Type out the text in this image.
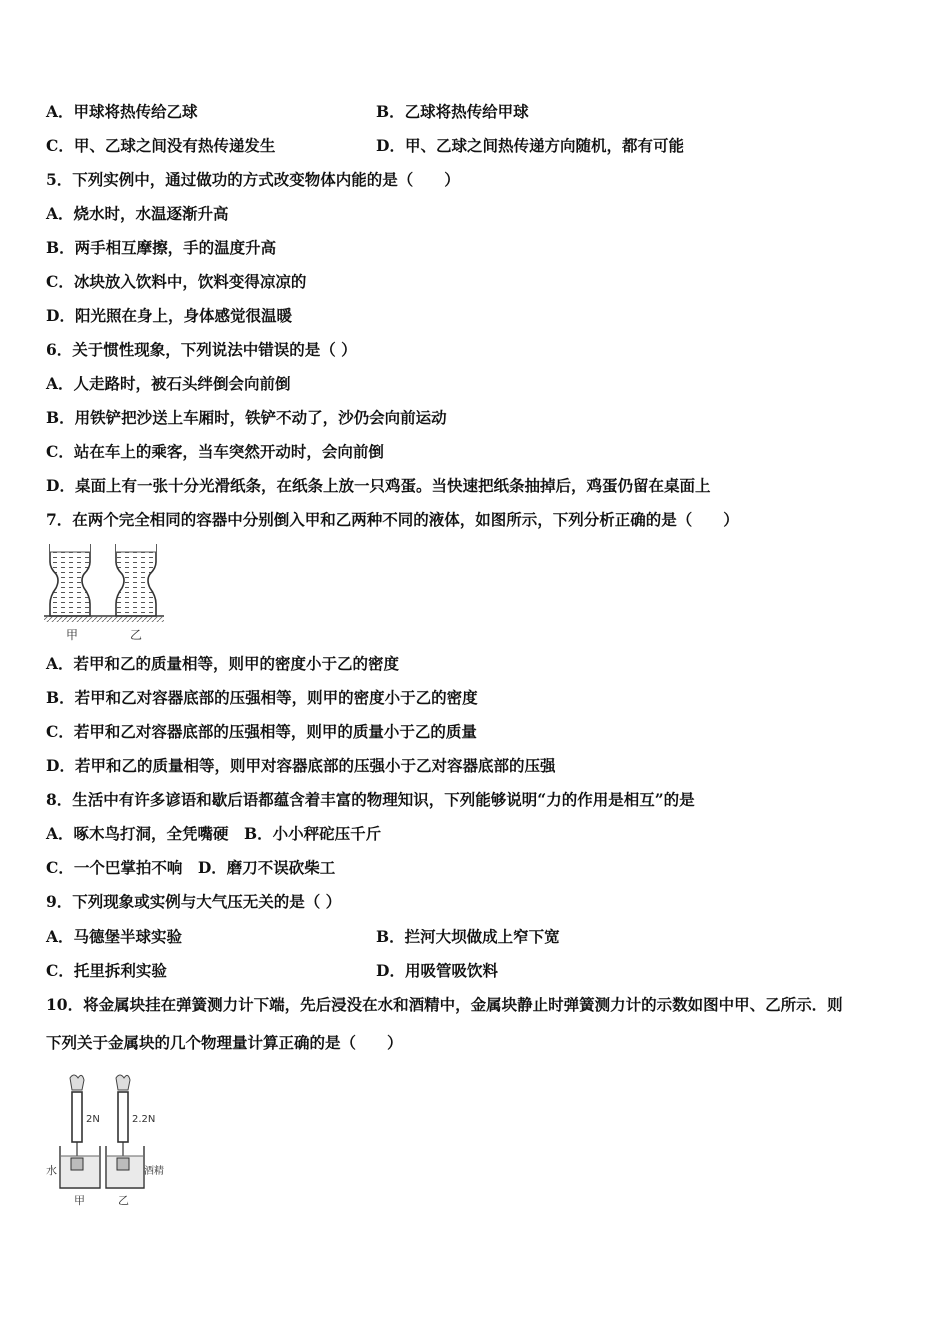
A．甲球将热传给乙球	B．乙球将热传给甲球
C．甲、乙球之间没有热传递发生	D．甲、乙球之间热传递方向随机，都有可能
5．下列实例中，通过做功的方式改变物体内能的是（　　）
A．烧水时，水温逐渐升高
B．两手相互摩擦，手的温度升高
C．冰块放入饮料中，饮料变得凉凉的
D．阳光照在身上，身体感觉很温暖
6．关于惯性现象，下列说法中错误的是（ ）
A．人走路时，被石头绊倒会向前倒
B．用铁铲把沙送上车厢时，铁铲不动了，沙仍会向前运动
C．站在车上的乘客，当车突然开动时，会向前倒
D．桌面上有一张十分光滑纸条，在纸条上放一只鸡蛋。当快速把纸条抽掉后，鸡蛋仍留在桌面上
7．在两个完全相同的容器中分别倒入甲和乙两种不同的液体，如图所示，下列分析正确的是（　　）
甲	乙
A．若甲和乙的质量相等，则甲的密度小于乙的密度
B．若甲和乙对容器底部的压强相等，则甲的密度小于乙的密度
C．若甲和乙对容器底部的压强相等，则甲的质量小于乙的质量
D．若甲和乙的质量相等，则甲对容器底部的压强小于乙对容器底部的压强
8．生活中有许多谚语和歇后语都蕴含着丰富的物理知识，下列能够说明“力的作用是相互”的是
A．啄木鸟打洞，全凭嘴硬　B．小小秤砣压千斤
C．一个巴掌拍不响　D．磨刀不误砍柴工
9．下列现象或实例与大气压无关的是（ ）
A．马德堡半球实验	B．拦河大坝做成上窄下宽
C．托里拆利实验	D．用吸管吸饮料
10．将金属块挂在弹簧测力计下端，先后浸没在水和酒精中，金属块静止时弹簧测力计的示数如图中甲、乙所示．则
下列关于金属块的几个物理量计算正确的是（　　）
2N	2.2N
水	酒精
甲	乙
